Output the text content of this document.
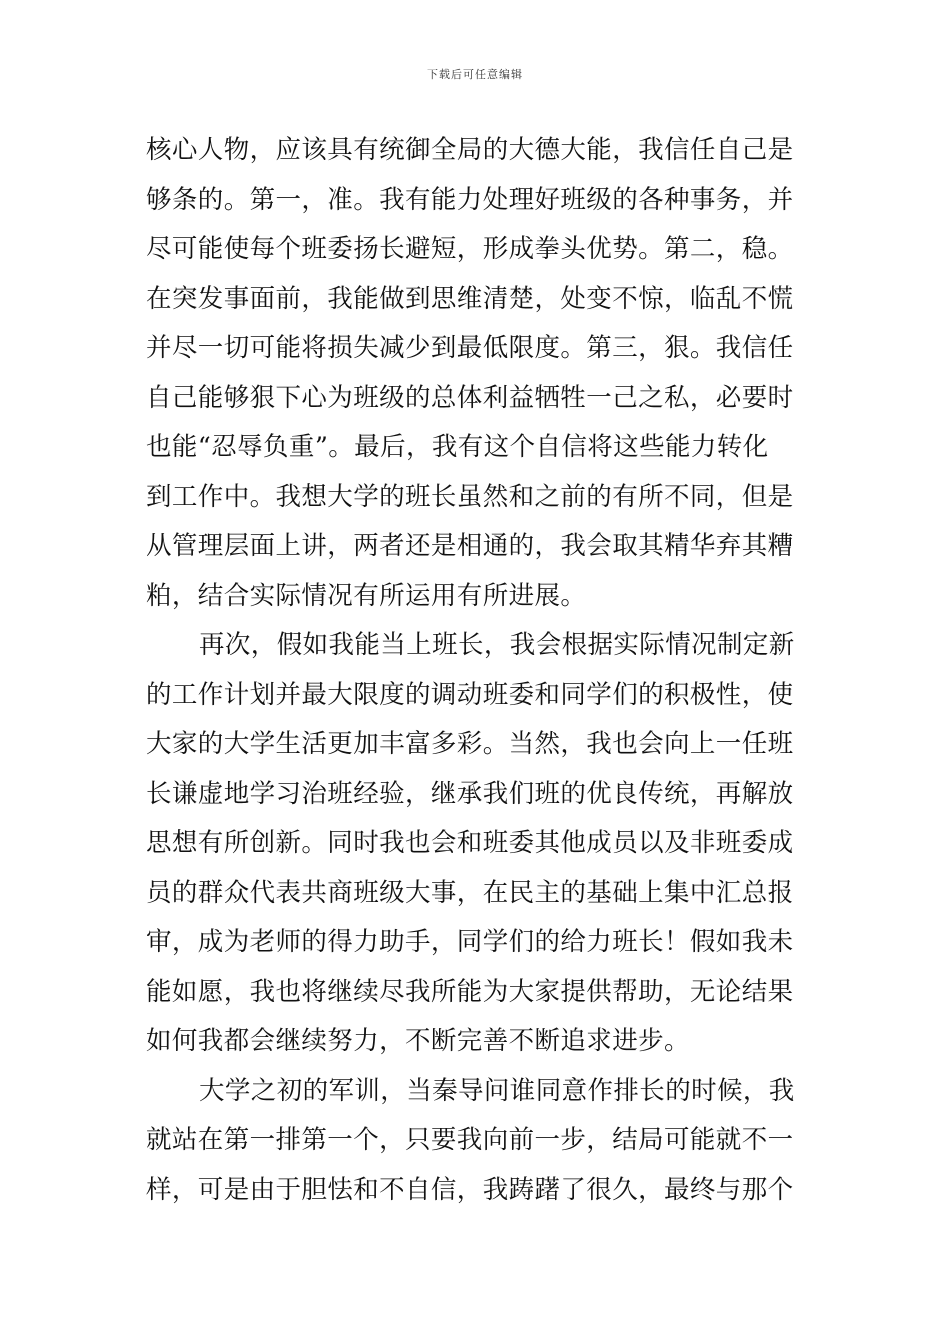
下载后可任意编辑
核心人物，应该具有统御全局的大德大能，我信任自己是
够条的。第一，准。我有能力处理好班级的各种事务，并
尽可能使每个班委扬长避短，形成拳头优势。第二，稳。
在突发事面前，我能做到思维清楚，处变不惊，临乱不慌
并尽一切可能将损失减少到最低限度。第三，狠。我信任
自己能够狠下心为班级的总体利益牺牲一己之私，必要时
也能“忍辱负重”。最后，我有这个自信将这些能力转化
到工作中。我想大学的班长虽然和之前的有所不同，但是
从管理层面上讲，两者还是相通的，我会取其精华弃其糟
粕，结合实际情况有所运用有所进展。
再次，假如我能当上班长，我会根据实际情况制定新
的工作计划并最大限度的调动班委和同学们的积极性，使
大家的大学生活更加丰富多彩。当然，我也会向上一任班
长谦虚地学习治班经验，继承我们班的优良传统，再解放
思想有所创新。同时我也会和班委其他成员以及非班委成
员的群众代表共商班级大事，在民主的基础上集中汇总报
审，成为老师的得力助手，同学们的给力班长！假如我未
能如愿，我也将继续尽我所能为大家提供帮助，无论结果
如何我都会继续努力，不断完善不断追求进步。
大学之初的军训，当秦导问谁同意作排长的时候，我
就站在第一排第一个，只要我向前一步，结局可能就不一
样，可是由于胆怯和不自信，我踌躇了很久，最终与那个
